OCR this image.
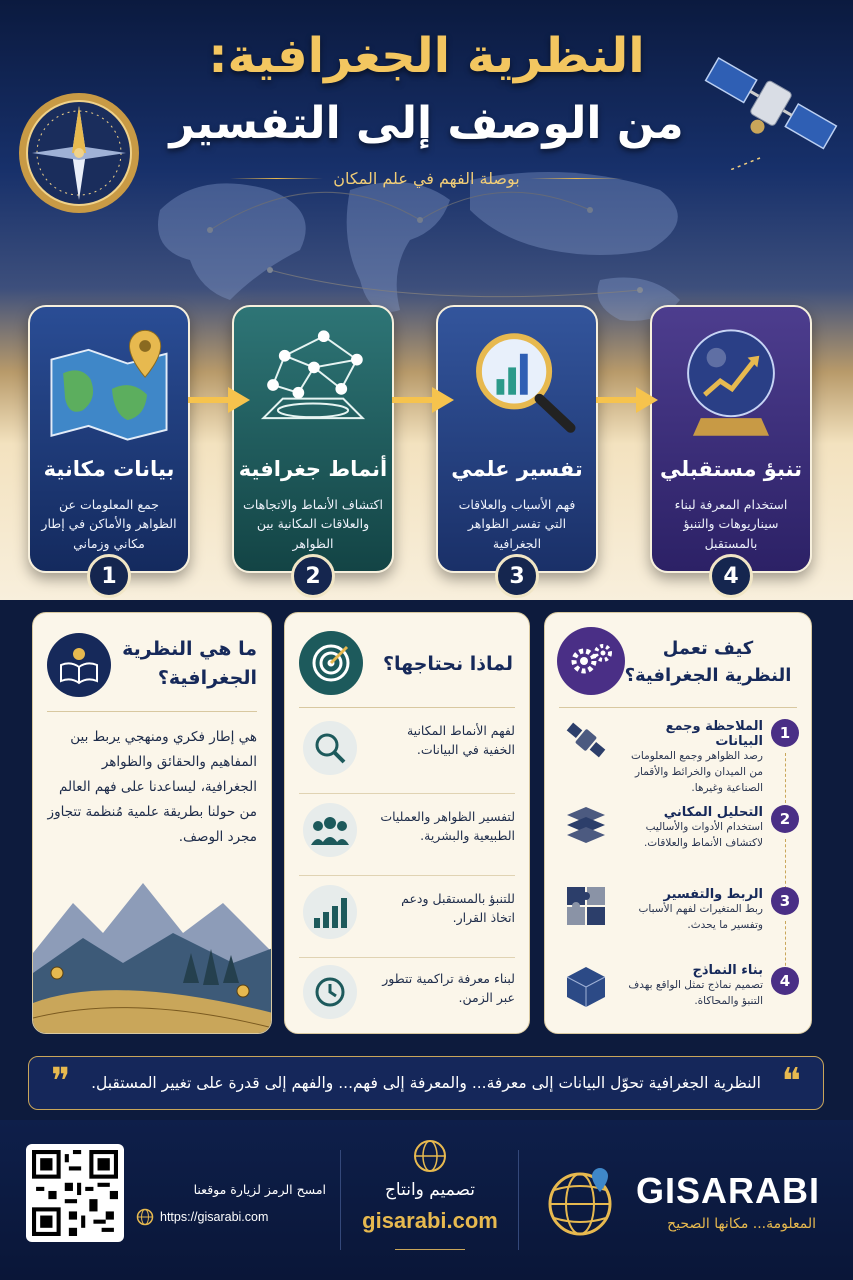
النظرية الجغرافية:
من الوصف إلى التفسير
بوصلة الفهم في علم المكان
بيانات مكانية

جمع المعلومات عن الظواهر والأماكن في إطار مكاني وزماني

1
أنماط جغرافية

اكتشاف الأنماط والاتجاهات والعلاقات المكانية بين الظواهر

2
تفسير علمي

فهم الأسباب والعلاقات التي تفسر الظواهر الجغرافية

3
تنبؤ مستقبلي

استخدام المعرفة لبناء سيناريوهات والتنبؤ بالمستقبل

4
ما هي النظرية الجغرافية؟
هي إطار فكري ومنهجي يربط بين المفاهيم والحقائق والظواهر الجغرافية، ليساعدنا على فهم العالم من حولنا بطريقة علمية مُنظمة تتجاوز مجرد الوصف.
لماذا نحتاجها؟
لفهم الأنماط المكانية الخفية في البيانات.
لتفسير الظواهر والعمليات الطبيعية والبشرية.
للتنبؤ بالمستقبل ودعم اتخاذ القرار.
لبناء معرفة تراكمية تتطور عبر الزمن.
كيف تعمل
النظرية الجغرافية؟
1
الملاحظة وجمع البيانات
رصد الظواهر وجمع المعلومات من الميدان والخرائط والأقمار الصناعية وغيرها.
2
التحليل المكاني
استخدام الأدوات والأساليب لاكتشاف الأنماط والعلاقات.
3
الربط والتفسير
ربط المتغيرات لفهم الأسباب وتفسير ما يحدث.
4
بناء النماذج
تصميم نماذج تمثل الواقع بهدف التنبؤ والمحاكاة.
❝
النظرية الجغرافية تحوّل البيانات إلى معرفة... والمعرفة إلى فهم... والفهم إلى قدرة على تغيير المستقبل.
❞
GISARABI
المعلومة... مكانها الصحيح
تصميم وانتاج
gisarabi.com
امسح الرمز لزيارة موقعنا
https://gisarabi.com
